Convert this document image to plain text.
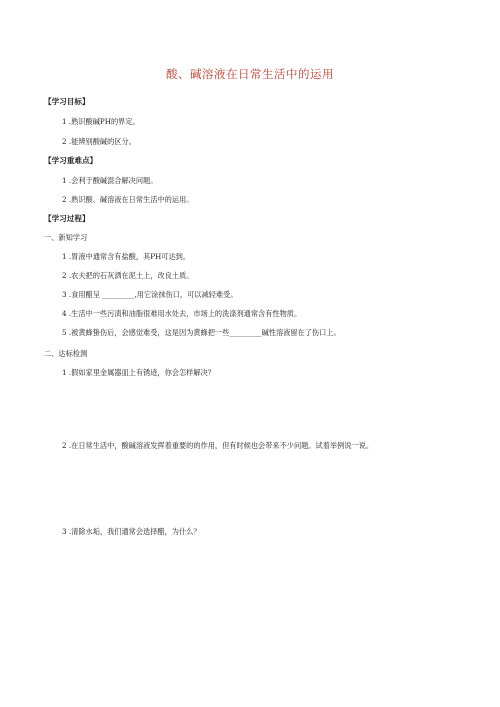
酸、碱溶液在日常生活中的运用
【学习目标】
1 .熟识酸碱PH的界定。
2 .能辨别酸碱的区分。
【学习重难点】
1 .会利于酸碱混合解决问题。
2 .熟识酸、碱溶液在日常生活中的运用。
【学习过程】
一、新知学习
1 .胃液中通常含有盐酸，其PH可达到。
2 .农夫把的石灰洒在泥土上，改良土质。
3 .食用醋呈 _________,用它涂抹伤口，可以减轻难受。
4 .生活中一些污渍和油脂很难用水处去，市场上的洗涤剂通常含有性物质。
5 .被黄蜂蛰伤后，会感觉难受，这是因为黄蜂把一些_________碱性溶液留在了伤口上。
二、达标检测
1 .假如家里金属器皿上有锈迹，你会怎样解决？
2 .在日常生活中，酸碱溶液发挥着重要的的作用，但有时候也会带来不少问题。试着举例说一说。
3 .清除水垢，我们通常会选择醋，为什么？
